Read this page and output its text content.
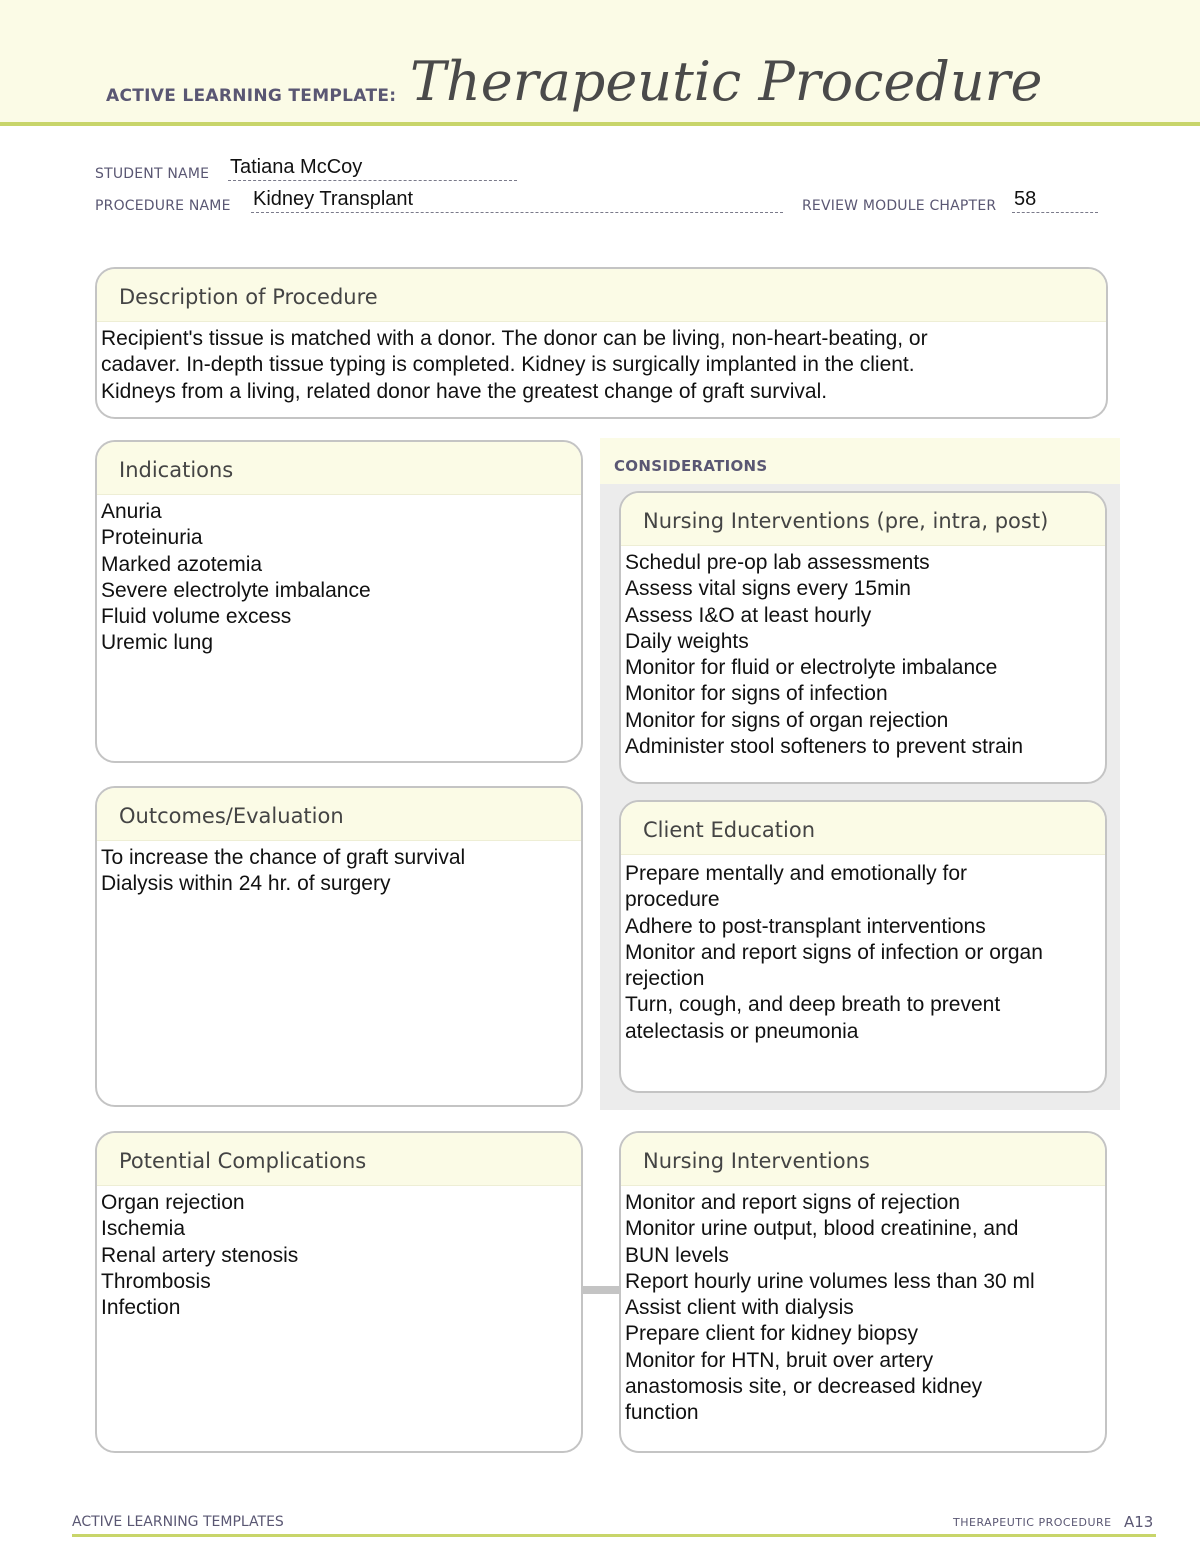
ACTIVE LEARNING TEMPLATE: Therapeutic Procedure
STUDENT NAME Tatiana McCoy
PROCEDURE NAME Kidney Transplant	REVIEW MODULE CHAPTER 58
Description of Procedure
Recipient's tissue is matched with a donor. The donor can be living, non-heart-beating, or
cadaver. In-depth tissue typing is completed. Kidney is surgically implanted in the client.
Kidneys from a living, related donor have the greatest change of graft survival.
CONSIDERATIONS
Indications
Anuria
Proteinuria
Marked azotemia
Severe electrolyte imbalance
Fluid volume excess
Uremic lung
Nursing Interventions (pre, intra, post)
Schedul pre-op lab assessments
Assess vital signs every 15min
Assess I&O at least hourly
Daily weights
Monitor for fluid or electrolyte imbalance
Monitor for signs of infection
Monitor for signs of organ rejection
Administer stool softeners to prevent strain
Outcomes/Evaluation
To increase the chance of graft survival
Dialysis within 24 hr. of surgery
Client Education
Prepare mentally and emotionally for
procedure
Adhere to post-transplant interventions
Monitor and report signs of infection or organ
rejection
Turn, cough, and deep breath to prevent
atelectasis or pneumonia
Potential Complications
Organ rejection
Ischemia
Renal artery stenosis
Thrombosis
Infection
Nursing Interventions
Monitor and report signs of rejection
Monitor urine output, blood creatinine, and
BUN levels
Report hourly urine volumes less than 30 ml
Assist client with dialysis
Prepare client for kidney biopsy
Monitor for HTN, bruit over artery
anastomosis site, or decreased kidney
function
ACTIVE LEARNING TEMPLATES	THERAPEUTIC PROCEDURE A13
